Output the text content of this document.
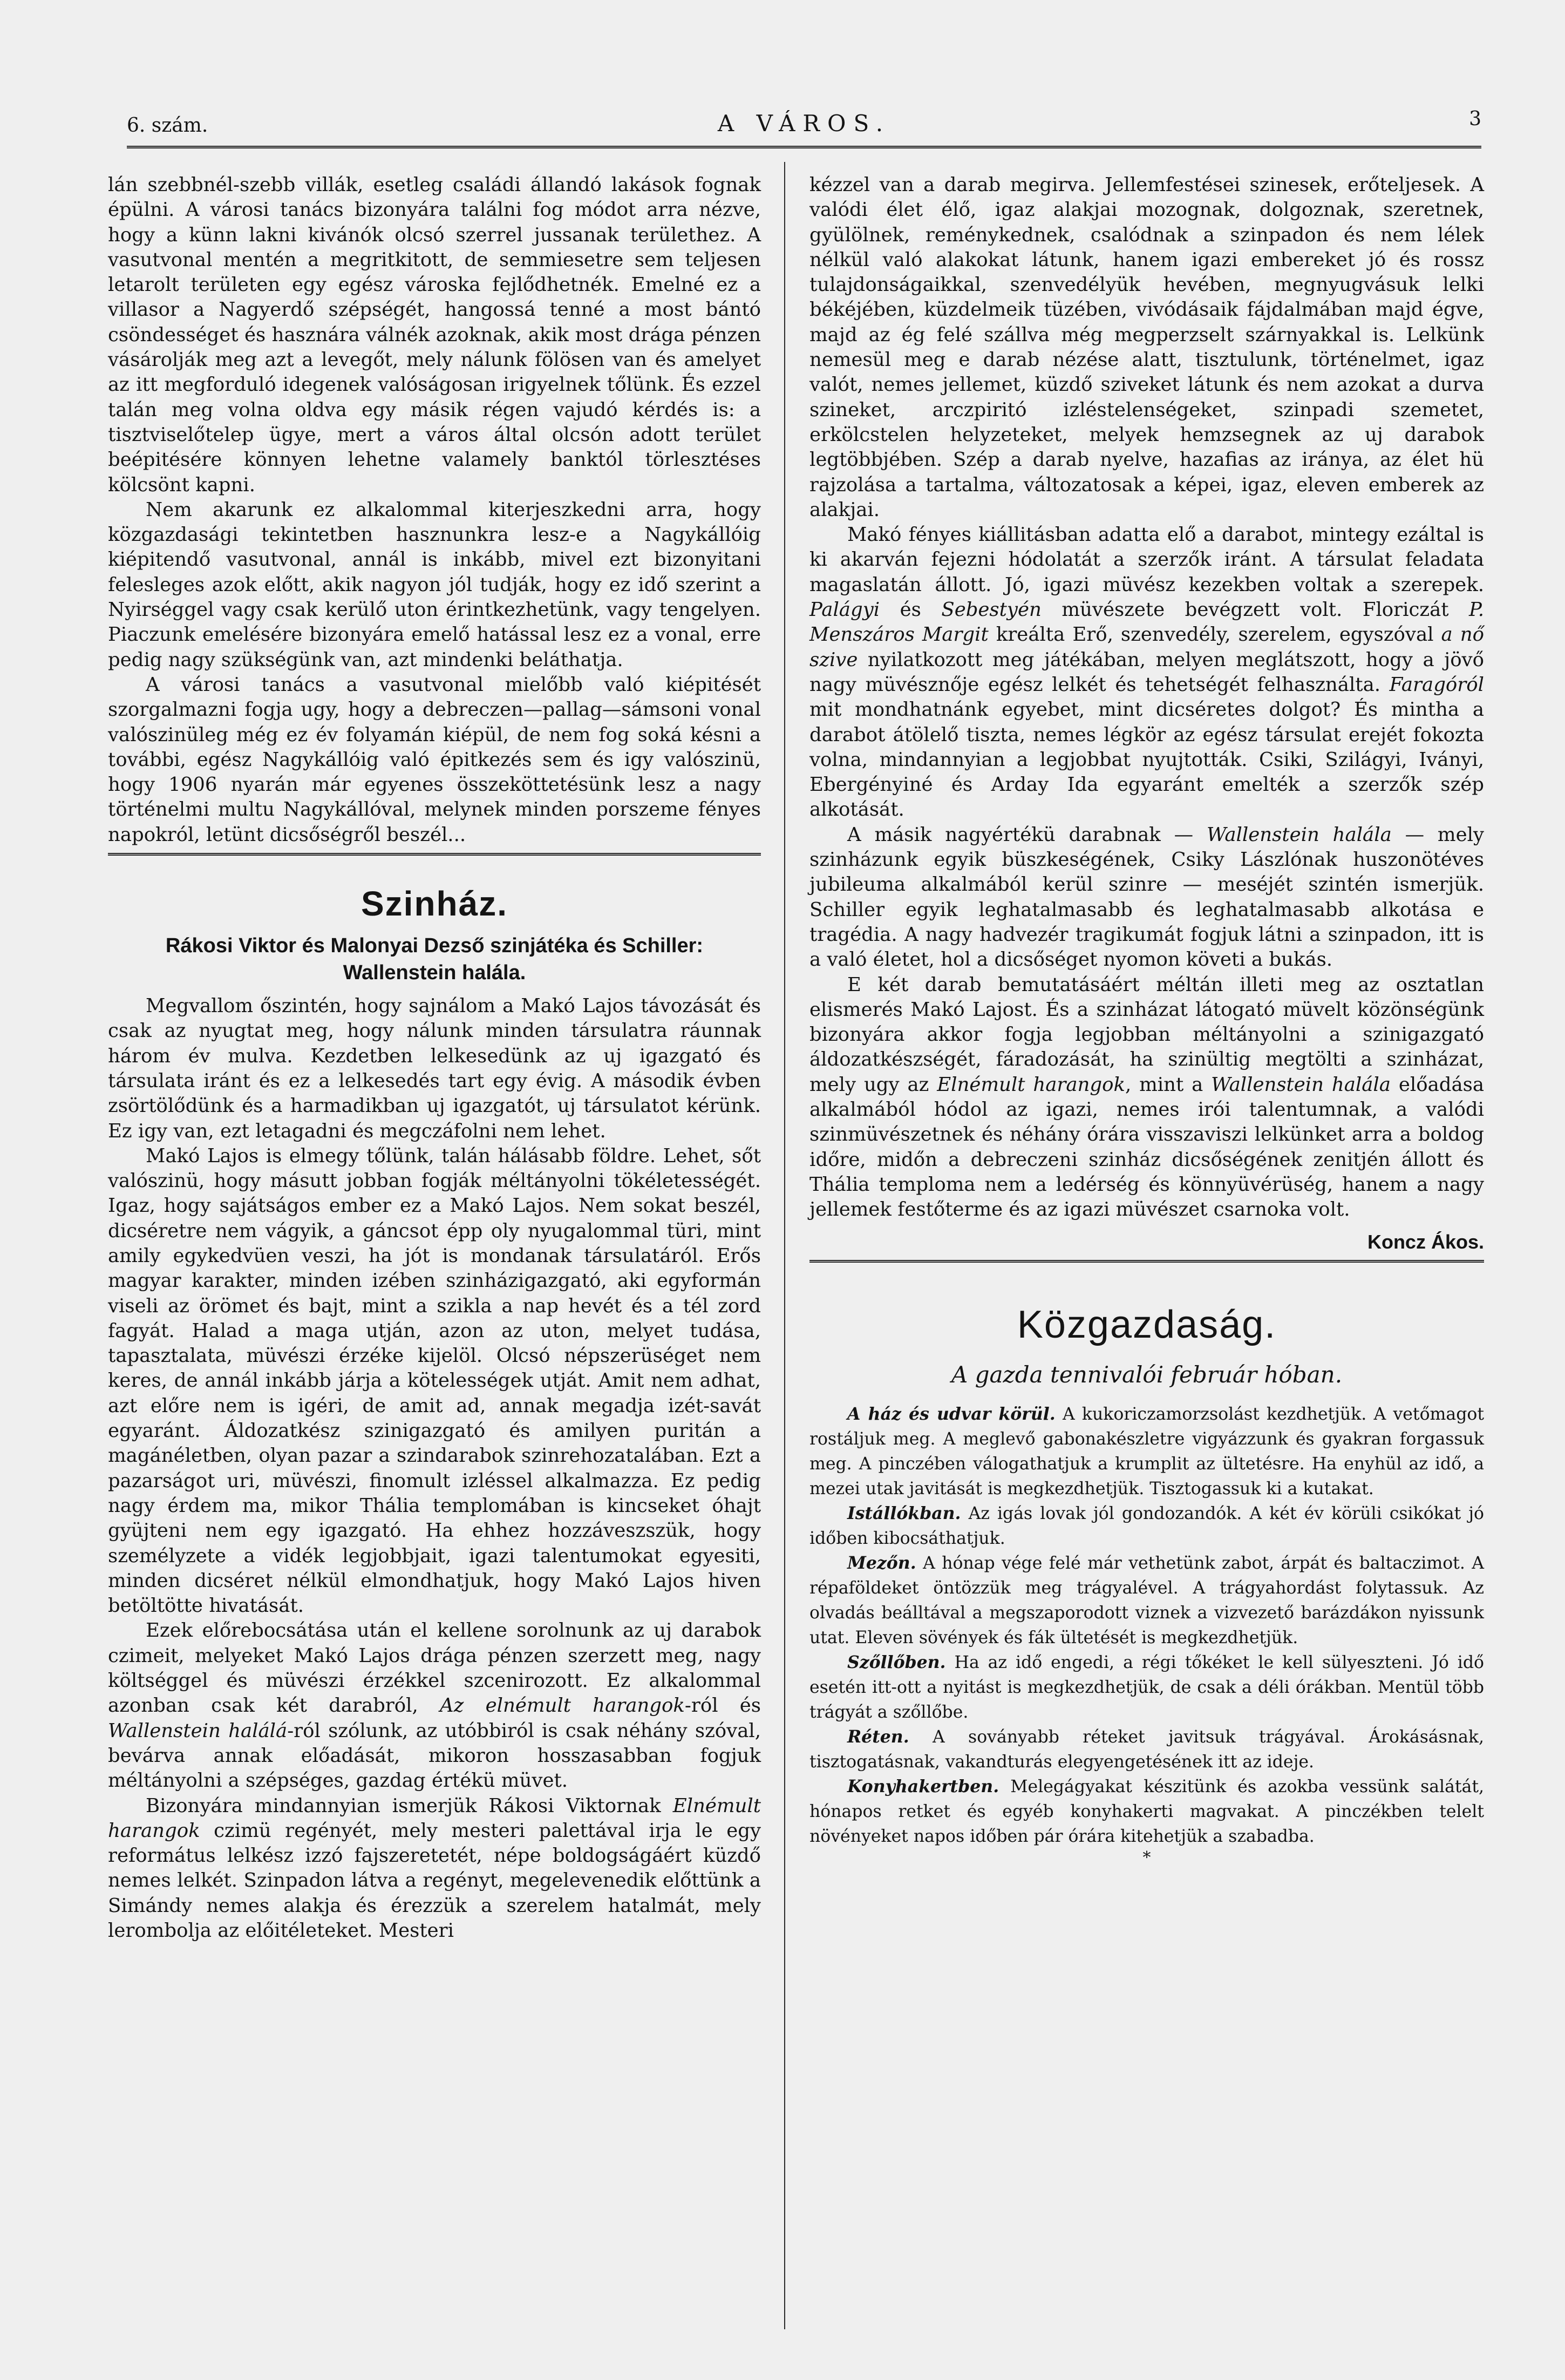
6. szám.	A VÁROS.	3

lán szebbnél-szebb villák, esetleg családi állandó lakások fognak épülni. A városi tanács bizonyára találni fog módot arra nézve, hogy a künn lakni kivánók olcsó szerrel jussanak területhez. A vasutvonal mentén a megritkitott, de semmiesetre sem teljesen letarolt területen egy egész városka fejlődhetnék. Emelné ez a villasor a Nagyerdő szépségét, hangossá tenné a most bántó csöndességet és hasznára válnék azoknak, akik most drága pénzen vásárolják meg azt a levegőt, mely nálunk fölösen van és amelyet az itt megforduló idegenek valóságosan irigyelnek tőlünk. És ezzel talán meg volna oldva egy másik régen vajudó kérdés is: a tisztviselőtelep ügye, mert a város által olcsón adott terület beépitésére könnyen lehetne valamely banktól törlesztéses kölcsönt kapni.

Nem akarunk ez alkalommal kiterjeszkedni arra, hogy közgazdasági tekintetben hasznunkra lesz-e a Nagykállóig kiépitendő vasutvonal, annál is inkább, mivel ezt bizonyitani felesleges azok előtt, akik nagyon jól tudják, hogy ez idő szerint a Nyirséggel vagy csak kerülő uton érintkezhetünk, vagy tengelyen. Piaczunk emelésére bizonyára emelő hatással lesz ez a vonal, erre pedig nagy szükségünk van, azt mindenki beláthatja.

A városi tanács a vasutvonal mielőbb való kiépitését szorgalmazni fogja ugy, hogy a debreczen—pallag—sámsoni vonal valószinüleg még ez év folyamán kiépül, de nem fog soká késni a további, egész Nagykállóig való épitkezés sem és igy valószinü, hogy 1906 nyarán már egyenes összeköttetésünk lesz a nagy történelmi multu Nagykállóval, melynek minden porszeme fényes napokról, letünt dicsőségről beszél...

Szinház.
Rákosi Viktor és Malonyai Dezső szinjátéka és Schiller: Wallenstein halála.

Megvallom őszintén, hogy sajnálom a Makó Lajos távozását és csak az nyugtat meg, hogy nálunk minden társulatra ráunnak három év mulva. Kezdetben lelkesedünk az uj igazgató és társulata iránt és ez a lelkesedés tart egy évig. A második évben zsörtölődünk és a harmadikban uj igazgatót, uj társulatot kérünk. Ez igy van, ezt letagadni és megczáfolni nem lehet.

Makó Lajos is elmegy tőlünk, talán hálásabb földre. Lehet, sőt valószinü, hogy másutt jobban fogják méltányolni tökéletességét. Igaz, hogy sajátságos ember ez a Makó Lajos. Nem sokat beszél, dicséretre nem vágyik, a gáncsot épp oly nyugalommal türi, mint amily egykedvüen veszi, ha jót is mondanak társulatáról. Erős magyar karakter, minden izében szinházigazgató, aki egyformán viseli az örömet és bajt, mint a szikla a nap hevét és a tél zord fagyát. Halad a maga utján, azon az uton, melyet tudása, tapasztalata, müvészi érzéke kijelöl. Olcsó népszerüséget nem keres, de annál inkább járja a kötelességek utját. Amit nem adhat, azt előre nem is igéri, de amit ad, annak megadja izét-savát egyaránt. Áldozatkész szinigazgató és amilyen puritán a magánéletben, olyan pazar a szindarabok szinrehozatalában. Ezt a pazarságot uri, müvészi, finomult izléssel alkalmazza. Ez pedig nagy érdem ma, mikor Thália templomában is kincseket óhajt gyüjteni nem egy igazgató. Ha ehhez hozzáveszszük, hogy személyzete a vidék legjobbjait, igazi talentumokat egyesiti, minden dicséret nélkül elmondhatjuk, hogy Makó Lajos hiven betöltötte hivatását.

Ezek előrebocsátása után el kellene sorolnunk az uj darabok czimeit, melyeket Makó Lajos drága pénzen szerzett meg, nagy költséggel és müvészi érzékkel szcenirozott. Ez alkalommal azonban csak két darabról, Az elnémult harangok-ról és Wallenstein halálá-ról szólunk, az utóbbiról is csak néhány szóval, bevárva annak előadását, mikoron hosszasabban fogjuk méltányolni a szépséges, gazdag értékü müvet.

Bizonyára mindannyian ismerjük Rákosi Viktornak Elnémult harangok czimü regényét, mely mesteri palettával irja le egy református lelkész izzó fajszeretetét, népe boldogságáért küzdő nemes lelkét. Szinpadon látva a regényt, megelevenedik előttünk a Simándy nemes alakja és érezzük a szerelem hatalmát, mely lerombolja az előitéleteket. Mesteri

kézzel van a darab megirva. Jellemfestései szinesek, erőteljesek. A valódi élet élő, igaz alakjai mozognak, dolgoznak, szeretnek, gyülölnek, reménykednek, csalódnak a szinpadon és nem lélek nélkül való alakokat látunk, hanem igazi embereket jó és rossz tulajdonságaikkal, szenvedélyük hevében, megnyugvásuk lelki békéjében, küzdelmeik tüzében, vivódásaik fájdalmában majd égve, majd az ég felé szállva még megperzselt szárnyakkal is. Lelkünk nemesül meg e darab nézése alatt, tisztulunk, történelmet, igaz valót, nemes jellemet, küzdő sziveket látunk és nem azokat a durva szineket, arczpiritó izléstelenségeket, szinpadi szemetet, erkölcstelen helyzeteket, melyek hemzsegnek az uj darabok legtöbbjében. Szép a darab nyelve, hazafias az iránya, az élet hü rajzolása a tartalma, változatosak a képei, igaz, eleven emberek az alakjai.

Makó fényes kiállitásban adatta elő a darabot, mintegy ezáltal is ki akarván fejezni hódolatát a szerzők iránt. A társulat feladata magaslatán állott. Jó, igazi müvész kezekben voltak a szerepek. Palágyi és Sebestyén müvészete bevégzett volt. Floriczát P. Menszáros Margit kreálta Erő, szenvedély, szerelem, egyszóval a nő szive nyilatkozott meg játékában, melyen meglátszott, hogy a jövő nagy müvésznője egész lelkét és tehetségét felhasználta. Faragóról mit mondhatnánk egyebet, mint dicséretes dolgot? És mintha a darabot átölelő tiszta, nemes légkör az egész társulat erejét fokozta volna, mindannyian a legjobbat nyujtották. Csiki, Szilágyi, Iványi, Ebergényiné és Arday Ida egyaránt emelték a szerzők szép alkotását.

A másik nagyértékü darabnak — Wallenstein halála — mely szinházunk egyik büszkeségének, Csiky Lászlónak huszonötéves jubileuma alkalmából kerül szinre — meséjét szintén ismerjük. Schiller egyik leghatalmasabb és leghatalmasabb alkotása e tragédia. A nagy hadvezér tragikumát fogjuk látni a szinpadon, itt is a való életet, hol a dicsőséget nyomon követi a bukás.

E két darab bemutatásáért méltán illeti meg az osztatlan elismerés Makó Lajost. És a szinházat látogató müvelt közönségünk bizonyára akkor fogja legjobban méltányolni a szinigazgató áldozatkészségét, fáradozását, ha szinültig megtölti a szinházat, mely ugy az Elnémult harangok, mint a Wallenstein halála előadása alkalmából hódol az igazi, nemes irói talentumnak, a valódi szinmüvészetnek és néhány órára visszaviszi lelkünket arra a boldog időre, midőn a debreczeni szinház dicsőségének zenitjén állott és Thália temploma nem a ledérség és könnyüvérüség, hanem a nagy jellemek festőterme és az igazi müvészet csarnoka volt.

Koncz Ákos.
Közgazdaság.
A gazda tennivalói február hóban.

A ház és udvar körül. A kukoriczamorzsolást kezdhetjük. A vetőmagot rostáljuk meg. A meglevő gabonakészletre vigyázzunk és gyakran forgassuk meg. A pinczében válogathatjuk a krumplit az ültetésre. Ha enyhül az idő, a mezei utak javitását is megkezdhetjük. Tisztogassuk ki a kutakat.

Istállókban. Az igás lovak jól gondozandók. A két év körüli csikókat jó időben kibocsáthatjuk.

Mezőn. A hónap vége felé már vethetünk zabot, árpát és baltaczimot. A répaföldeket öntözzük meg trágyalével. A trágyahordást folytassuk. Az olvadás beálltával a megszaporodott viznek a vizvezető barázdákon nyissunk utat. Eleven sövények és fák ültetését is megkezdhetjük.

Szőllőben. Ha az idő engedi, a régi tőkéket le kell sülyeszteni. Jó idő esetén itt-ott a nyitást is megkezdhetjük, de csak a déli órákban. Mentül több trágyát a szőllőbe.

Réten. A soványabb réteket javitsuk trágyával. Árokásásnak, tisztogatásnak, vakandturás elegyengetésének itt az ideje.

Konyhakertben. Melegágyakat készitünk és azokba vessünk salátát, hónapos retket és egyéb konyhakerti magvakat. A pinczékben telelt növényeket napos időben pár órára kitehetjük a szabadba.

*
